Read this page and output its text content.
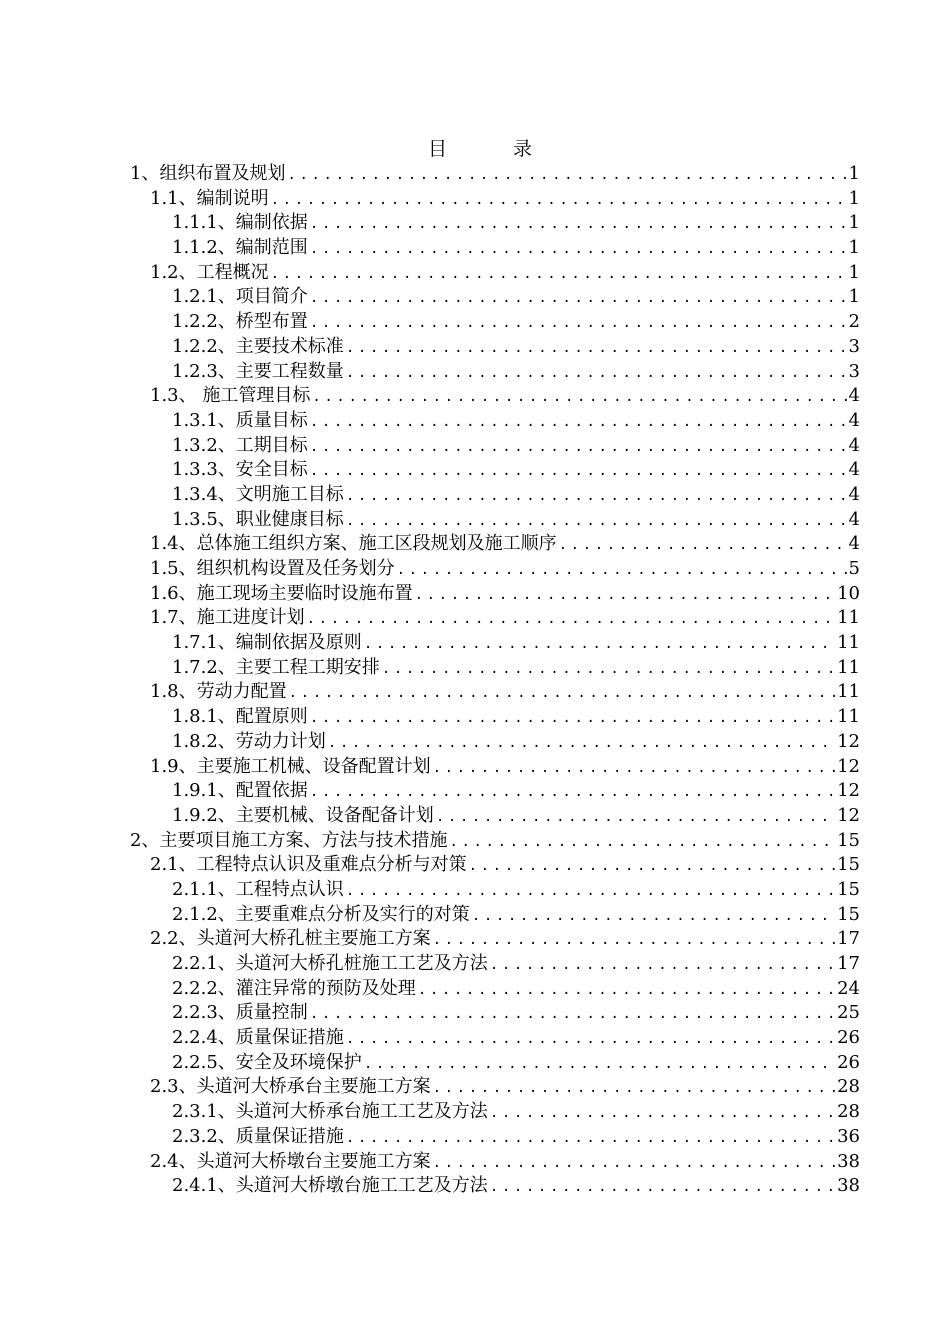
目 录
1、组织布置及规划 .....	1
1.1、编制说明 .....	1
1.1.1、编制依据 .....	1
1.1.2、编制范围 .....	1
1.2、工程概况 .....	1
1.2.1、项目简介 .....	1
1.2.2、桥型布置 .....	2
1.2.2、主要技术标准 .....	3
1.2.3、主要工程数量 .....	3
1.3、 施工管理目标 .....	4
1.3.1、质量目标 .....	4
1.3.2、工期目标 .....	4
1.3.3、安全目标 .....	4
1.3.4、文明施工目标 .....	4
1.3.5、职业健康目标 .....	4
1.4、总体施工组织方案、施工区段规划及施工顺序 .....	4
1.5、组织机构设置及任务划分 .....	5
1.6、施工现场主要临时设施布置 .....	10
1.7、施工进度计划 .....	11
1.7.1、编制依据及原则 .....	11
1.7.2、主要工程工期安排 .....	11
1.8、劳动力配置 .....	11
1.8.1、配置原则 .....	11
1.8.2、劳动力计划 .....	12
1.9、主要施工机械、设备配置计划 .....	12
1.9.1、配置依据 .....	12
1.9.2、主要机械、设备配备计划 .....	12
2、主要项目施工方案、方法与技术措施 .....	15
2.1、工程特点认识及重难点分析与对策 .....	15
2.1.1、工程特点认识 .....	15
2.1.2、主要重难点分析及实行的对策 .....	15
2.2、头道河大桥孔桩主要施工方案 .....	17
2.2.1、头道河大桥孔桩施工工艺及方法 .....	17
2.2.2、灌注异常的预防及处理 .....	24
2.2.3、质量控制 .....	25
2.2.4、质量保证措施 .....	26
2.2.5、安全及环境保护 .....	26
2.3、头道河大桥承台主要施工方案 .....	28
2.3.1、头道河大桥承台施工工艺及方法 .....	28
2.3.2、质量保证措施 .....	36
2.4、头道河大桥墩台主要施工方案 .....	38
2.4.1、头道河大桥墩台施工工艺及方法 .....	38
